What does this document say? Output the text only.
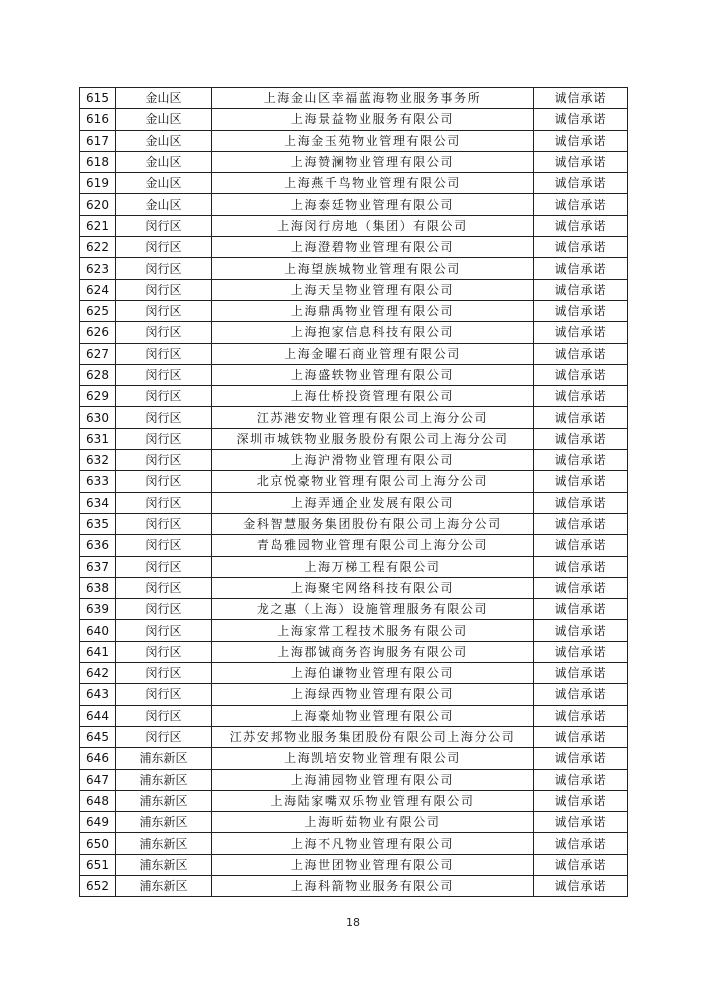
615	金山区	上海金山区幸福蓝海物业服务事务所	诚信承诺
616	金山区	上海景益物业服务有限公司	诚信承诺
617	金山区	上海金玉苑物业管理有限公司	诚信承诺
618	金山区	上海赞澜物业管理有限公司	诚信承诺
619	金山区	上海燕千鸟物业管理有限公司	诚信承诺
620	金山区	上海泰廷物业管理有限公司	诚信承诺
621	闵行区	上海闵行房地（集团）有限公司	诚信承诺
622	闵行区	上海澄碧物业管理有限公司	诚信承诺
623	闵行区	上海望族城物业管理有限公司	诚信承诺
624	闵行区	上海天呈物业管理有限公司	诚信承诺
625	闵行区	上海鼎禹物业管理有限公司	诚信承诺
626	闵行区	上海抱家信息科技有限公司	诚信承诺
627	闵行区	上海金曜石商业管理有限公司	诚信承诺
628	闵行区	上海盛轶物业管理有限公司	诚信承诺
629	闵行区	上海仕桥投资管理有限公司	诚信承诺
630	闵行区	江苏港安物业管理有限公司上海分公司	诚信承诺
631	闵行区	深圳市城铁物业服务股份有限公司上海分公司	诚信承诺
632	闵行区	上海沪滑物业管理有限公司	诚信承诺
633	闵行区	北京悦豪物业管理有限公司上海分公司	诚信承诺
634	闵行区	上海弄通企业发展有限公司	诚信承诺
635	闵行区	金科智慧服务集团股份有限公司上海分公司	诚信承诺
636	闵行区	青岛雅园物业管理有限公司上海分公司	诚信承诺
637	闵行区	上海万梯工程有限公司	诚信承诺
638	闵行区	上海聚宅网络科技有限公司	诚信承诺
639	闵行区	龙之惠（上海）设施管理服务有限公司	诚信承诺
640	闵行区	上海家常工程技术服务有限公司	诚信承诺
641	闵行区	上海郡铖商务咨询服务有限公司	诚信承诺
642	闵行区	上海伯谦物业管理有限公司	诚信承诺
643	闵行区	上海绿西物业管理有限公司	诚信承诺
644	闵行区	上海豪灿物业管理有限公司	诚信承诺
645	闵行区	江苏安邦物业服务集团股份有限公司上海分公司	诚信承诺
646	浦东新区	上海凯培安物业管理有限公司	诚信承诺
647	浦东新区	上海浦园物业管理有限公司	诚信承诺
648	浦东新区	上海陆家嘴双乐物业管理有限公司	诚信承诺
649	浦东新区	上海昕茹物业有限公司	诚信承诺
650	浦东新区	上海不凡物业管理有限公司	诚信承诺
651	浦东新区	上海世团物业管理有限公司	诚信承诺
652	浦东新区	上海科箭物业服务有限公司	诚信承诺
18
